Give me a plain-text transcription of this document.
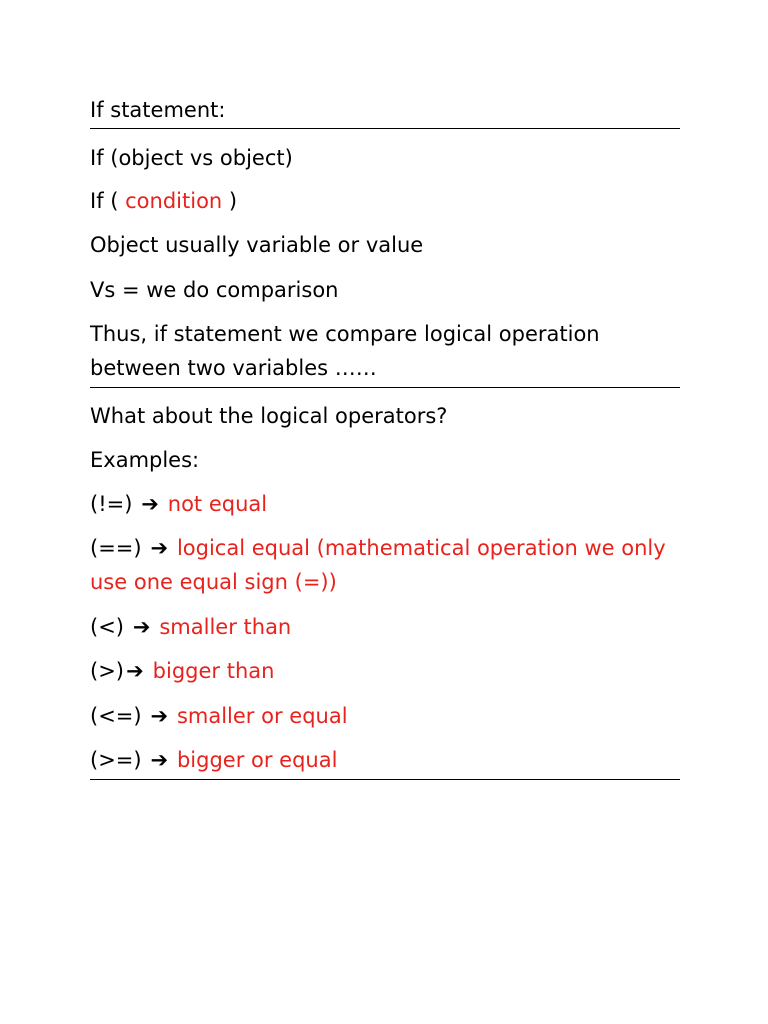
If statement:
If (object vs object)
If ( condition )
Object usually variable or value
Vs = we do comparison
Thus, if statement we compare logical operation between two variables ……
What about the logical operators?
Examples:
(!=) ➔ not equal
(==) ➔ logical equal (mathematical operation we only use one equal sign (=))
(<) ➔ smaller than
(>) ➔ bigger than
(<=) ➔ smaller or equal
(>=) ➔ bigger or equal
